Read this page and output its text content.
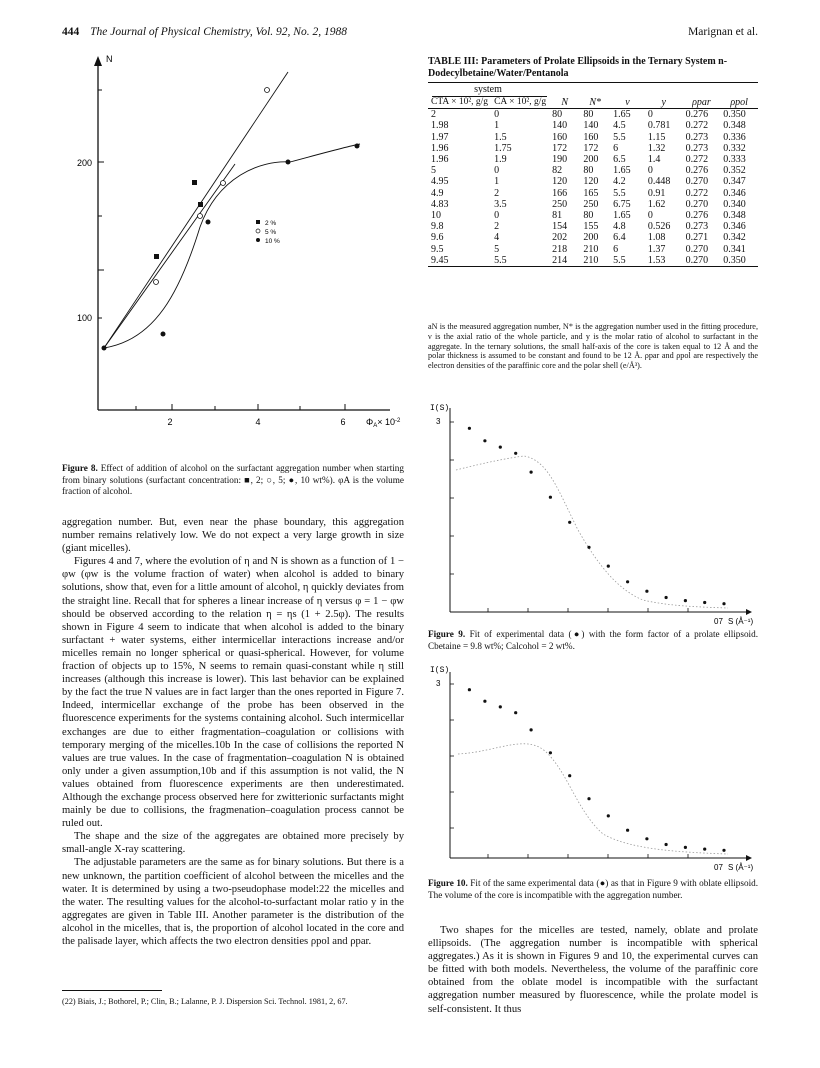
444 The Journal of Physical Chemistry, Vol. 92, No. 2, 1988	Marignan et al.
N
200
100
2	4	6 $\Phi_A\times 10^{-2}$
2 %
5 %
10 %
Figure 8. Effect of addition of alcohol on the surfactant aggregation number when starting from binary solutions (surfactant concentration: ■, 2; ○, 5; ●, 10 wt%). φA is the volume fraction of alcohol.

aggregation number. But, even near the phase boundary, this aggregation number remains relatively low. We do not expect a very large growth in size (giant micelles).

Figures 4 and 7, where the evolution of η and N is shown as a function of 1 − φw (φw is the volume fraction of water) when alcohol is added to binary solutions, show that, even for a little amount of alcohol, η quickly deviates from the straight line. Recall that for spheres a linear increase of η versus φ = 1 − φw should be observed according to the relation η = ηs (1 + 2.5φ). The results shown in Figure 4 seem to indicate that when alcohol is added to the binary surfactant + water systems, either intermicellar interactions increase and/or micelles remain no longer spherical or quasi-spherical. However, for volume fraction of objects up to 15%, N seems to remain quasi-constant while η still increases (although this increase is lower). This last behavior can be explained by the fact the true N values are in fact larger than the ones reported in Figure 7. Indeed, intermicellar exchange of the probe has been observed in the fluorescence experiments for the systems containing alcohol. Such intermicellar exchanges are due to either fragmentation–coagulation or collisions with temporary merging of the micelles.10b In the case of collisions the reported N values are true values. In the case of fragmentation–coagulation N is obtained only under a given assumption,10b and if this assumption is not valid, the N values obtained from fluorescence experiments are then underestimated. Although the exchange process observed here for zwitterionic surfactants might mainly be due to collisions, the fragmenation–coagulation process cannot be ruled out.

The shape and the size of the aggregates are obtained more precisely by small-angle X-ray scattering.

The adjustable parameters are the same as for binary solutions. But there is a new unknown, the partition coefficient of alcohol between the micelles and the water. It is determined by using a two-pseudophase model:22 the micelles and the water. The resulting values for the alcohol-to-surfactant molar ratio y in the aggregates are given in Table III. Another parameter is the distribution of the alcohol in the micelles, that is, the proportion of alcohol located in the core and the palisade layer, which affects the two electron densities ρpol and ρpar.

(22) Biais, J.; Bothorel, P.; Clin, B.; Lalanne, P. J. Dispersion Sci. Technol. 1981, 2, 67.
TABLE III: Parameters of Prolate Ellipsoids in the Ternary System n-Dodecylbetaine/Water/Pentanola
system
CTA × 10², g/g	CA × 10², g/g	N	N*	ν	y	ρpar	ρpol
2	0	80	80	1.65	0	0.276	0.350
1.98	1	140	140	4.5	0.781	0.272	0.348
1.97	1.5	160	160	5.5	1.15	0.273	0.336
1.96	1.75	172	172	6	1.32	0.273	0.332
1.96	1.9	190	200	6.5	1.4	0.272	0.333
5	0	82	80	1.65	0	0.276	0.352
4.95	1	120	120	4.2	0.448	0.270	0.347
4.9	2	166	165	5.5	0.91	0.272	0.346
4.83	3.5	250	250	6.75	1.62	0.270	0.340
10	0	81	80	1.65	0	0.276	0.348
9.8	2	154	155	4.8	0.526	0.273	0.346
9.6	4	202	200	6.4	1.08	0.271	0.342
9.5	5	218	210	6	1.37	0.270	0.341
9.45	5.5	214	210	5.5	1.53	0.270	0.350
aN is the measured aggregation number, N* is the aggregation number used in the fitting procedure, ν is the axial ratio of the whole particle, and y is the molar ratio of alcohol to surfactant in the aggregate. In the ternary solutions, the small half-axis of the core is taken equal to 12 Å and the polar thickness is assumed to be constant and found to be 12 Å. ρpar and ρpol are respectively the electron densities of the paraffinic core and the polar shell (e/Å³).
I(S)
3
07 S (Å⁻¹)
Figure 9. Fit of experimental data (●) with the form factor of a prolate ellipsoid. Cbetaine = 9.8 wt%; Calcohol = 2 wt%.
I(S)
3
07 S (Å⁻¹)
Figure 10. Fit of the same experimental data (●) as that in Figure 9 with oblate ellipsoid. The volume of the core is incompatible with the aggregation number.
Two shapes for the micelles are tested, namely, oblate and prolate ellipsoids. (The aggregation number is incompatible with spherical aggregates.) As it is shown in Figures 9 and 10, the experimental curves can be fitted with both models. Nevertheless, the volume of the paraffinic core obtained from the oblate model is incompatible with the surfactant aggregation number measured by fluorescence, while the prolate model is self-consistent. It thus
